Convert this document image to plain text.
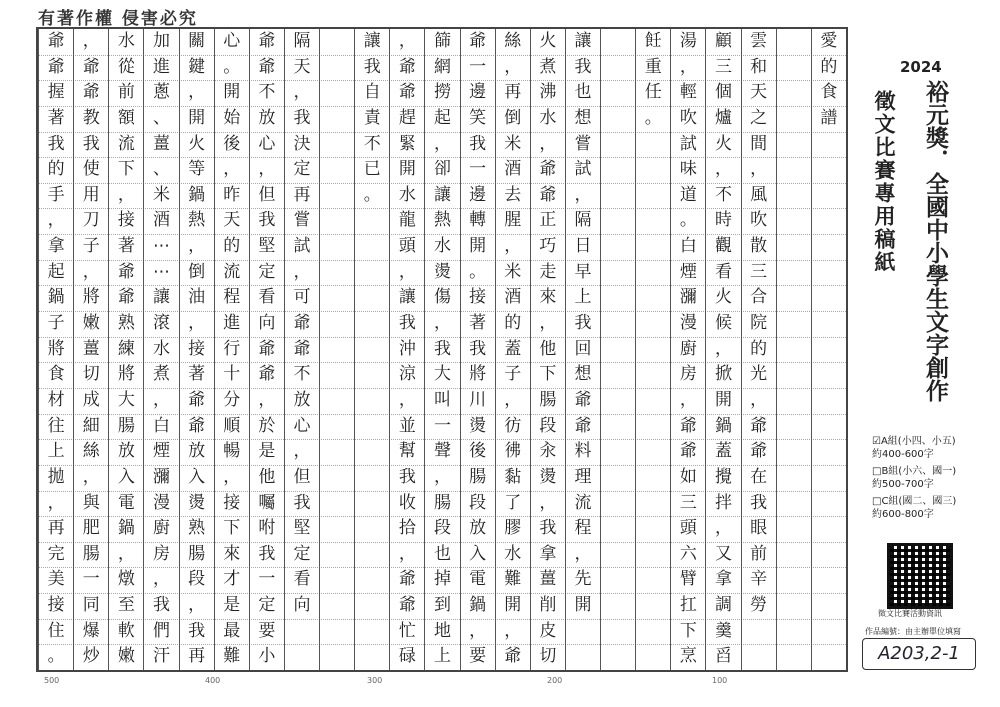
有著作權 侵害必究
愛
的
食
譜
雲
和
天
之
間
，
風
吹
散
三
合
院
的
光
，
爺
爺
在
我
眼
前
辛
勞
顧
三
個
爐
火
，
不
時
觀
看
火
候
，
掀
開
鍋
蓋
攪
拌
，
又
拿
調
羹
舀
湯
，
輕
吹
試
味
道
。
白
煙
瀰
漫
廚
房
，
爺
爺
如
三
頭
六
臂
扛
下
烹
飪
重
任
。
讓
我
也
想
嘗
試
，
隔
日
早
上
我
回
想
爺
爺
料
理
流
程
，
先
開
火
煮
沸
水
，
爺
爺
正
巧
走
來
，
他
下
腸
段
汆
燙
，
我
拿
薑
削
皮
切
絲
，
再
倒
米
酒
去
腥
，
米
酒
的
蓋
子
，
彷
彿
黏
了
膠
水
難
開
，
爺
爺
一
邊
笑
我
一
邊
轉
開
。
接
著
我
將
川
燙
後
腸
段
放
入
電
鍋
，
要
篩
網
撈
起
，
卻
讓
熱
水
燙
傷
，
我
大
叫
一
聲
，
腸
段
也
掉
到
地
上
，
爺
爺
趕
緊
開
水
龍
頭
，
讓
我
沖
涼
，
並
幫
我
收
拾
，
爺
爺
忙
碌
讓
我
自
責
不
已
。
隔
天
，
我
決
定
再
嘗
試
，
可
爺
爺
不
放
心
，
但
我
堅
定
看
向
爺
爺
不
放
心
，
但
我
堅
定
看
向
爺
爺
，
於
是
他
囑
咐
我
一
定
要
小
心
。
開
始
後
，
昨
天
的
流
程
進
行
十
分
順
暢
，
接
下
來
才
是
最
難
關
鍵
，
開
火
等
鍋
熱
，
倒
油
，
接
著
爺
爺
放
入
燙
熟
腸
段
，
我
再
加
進
蔥
、
薑
、
米
酒
⋯
⋯
讓
滾
水
煮
，
白
煙
瀰
漫
廚
房
，
我
們
汗
水
從
前
額
流
下
，
接
著
爺
爺
熟
練
將
大
腸
放
入
電
鍋
，
燉
至
軟
嫩
，
爺
爺
教
我
使
用
刀
子
，
將
嫩
薑
切
成
細
絲
，
與
肥
腸
一
同
爆
炒
爺
爺
握
著
我
的
手
，
拿
起
鍋
子
將
食
材
往
上
拋
，
再
完
美
接
住
。
500	400	300	200	100
2024
裕元獎．全國中小學生文字創作
徵文比賽專用稿紙
☑A組(小四、小五)
約400-600字
□B組(小六、國一)
約500-700字
□C組(國二、國三)
約600-800字
徵文比賽活動資訊
作品編號：由主辦單位填寫
A203,2-1
